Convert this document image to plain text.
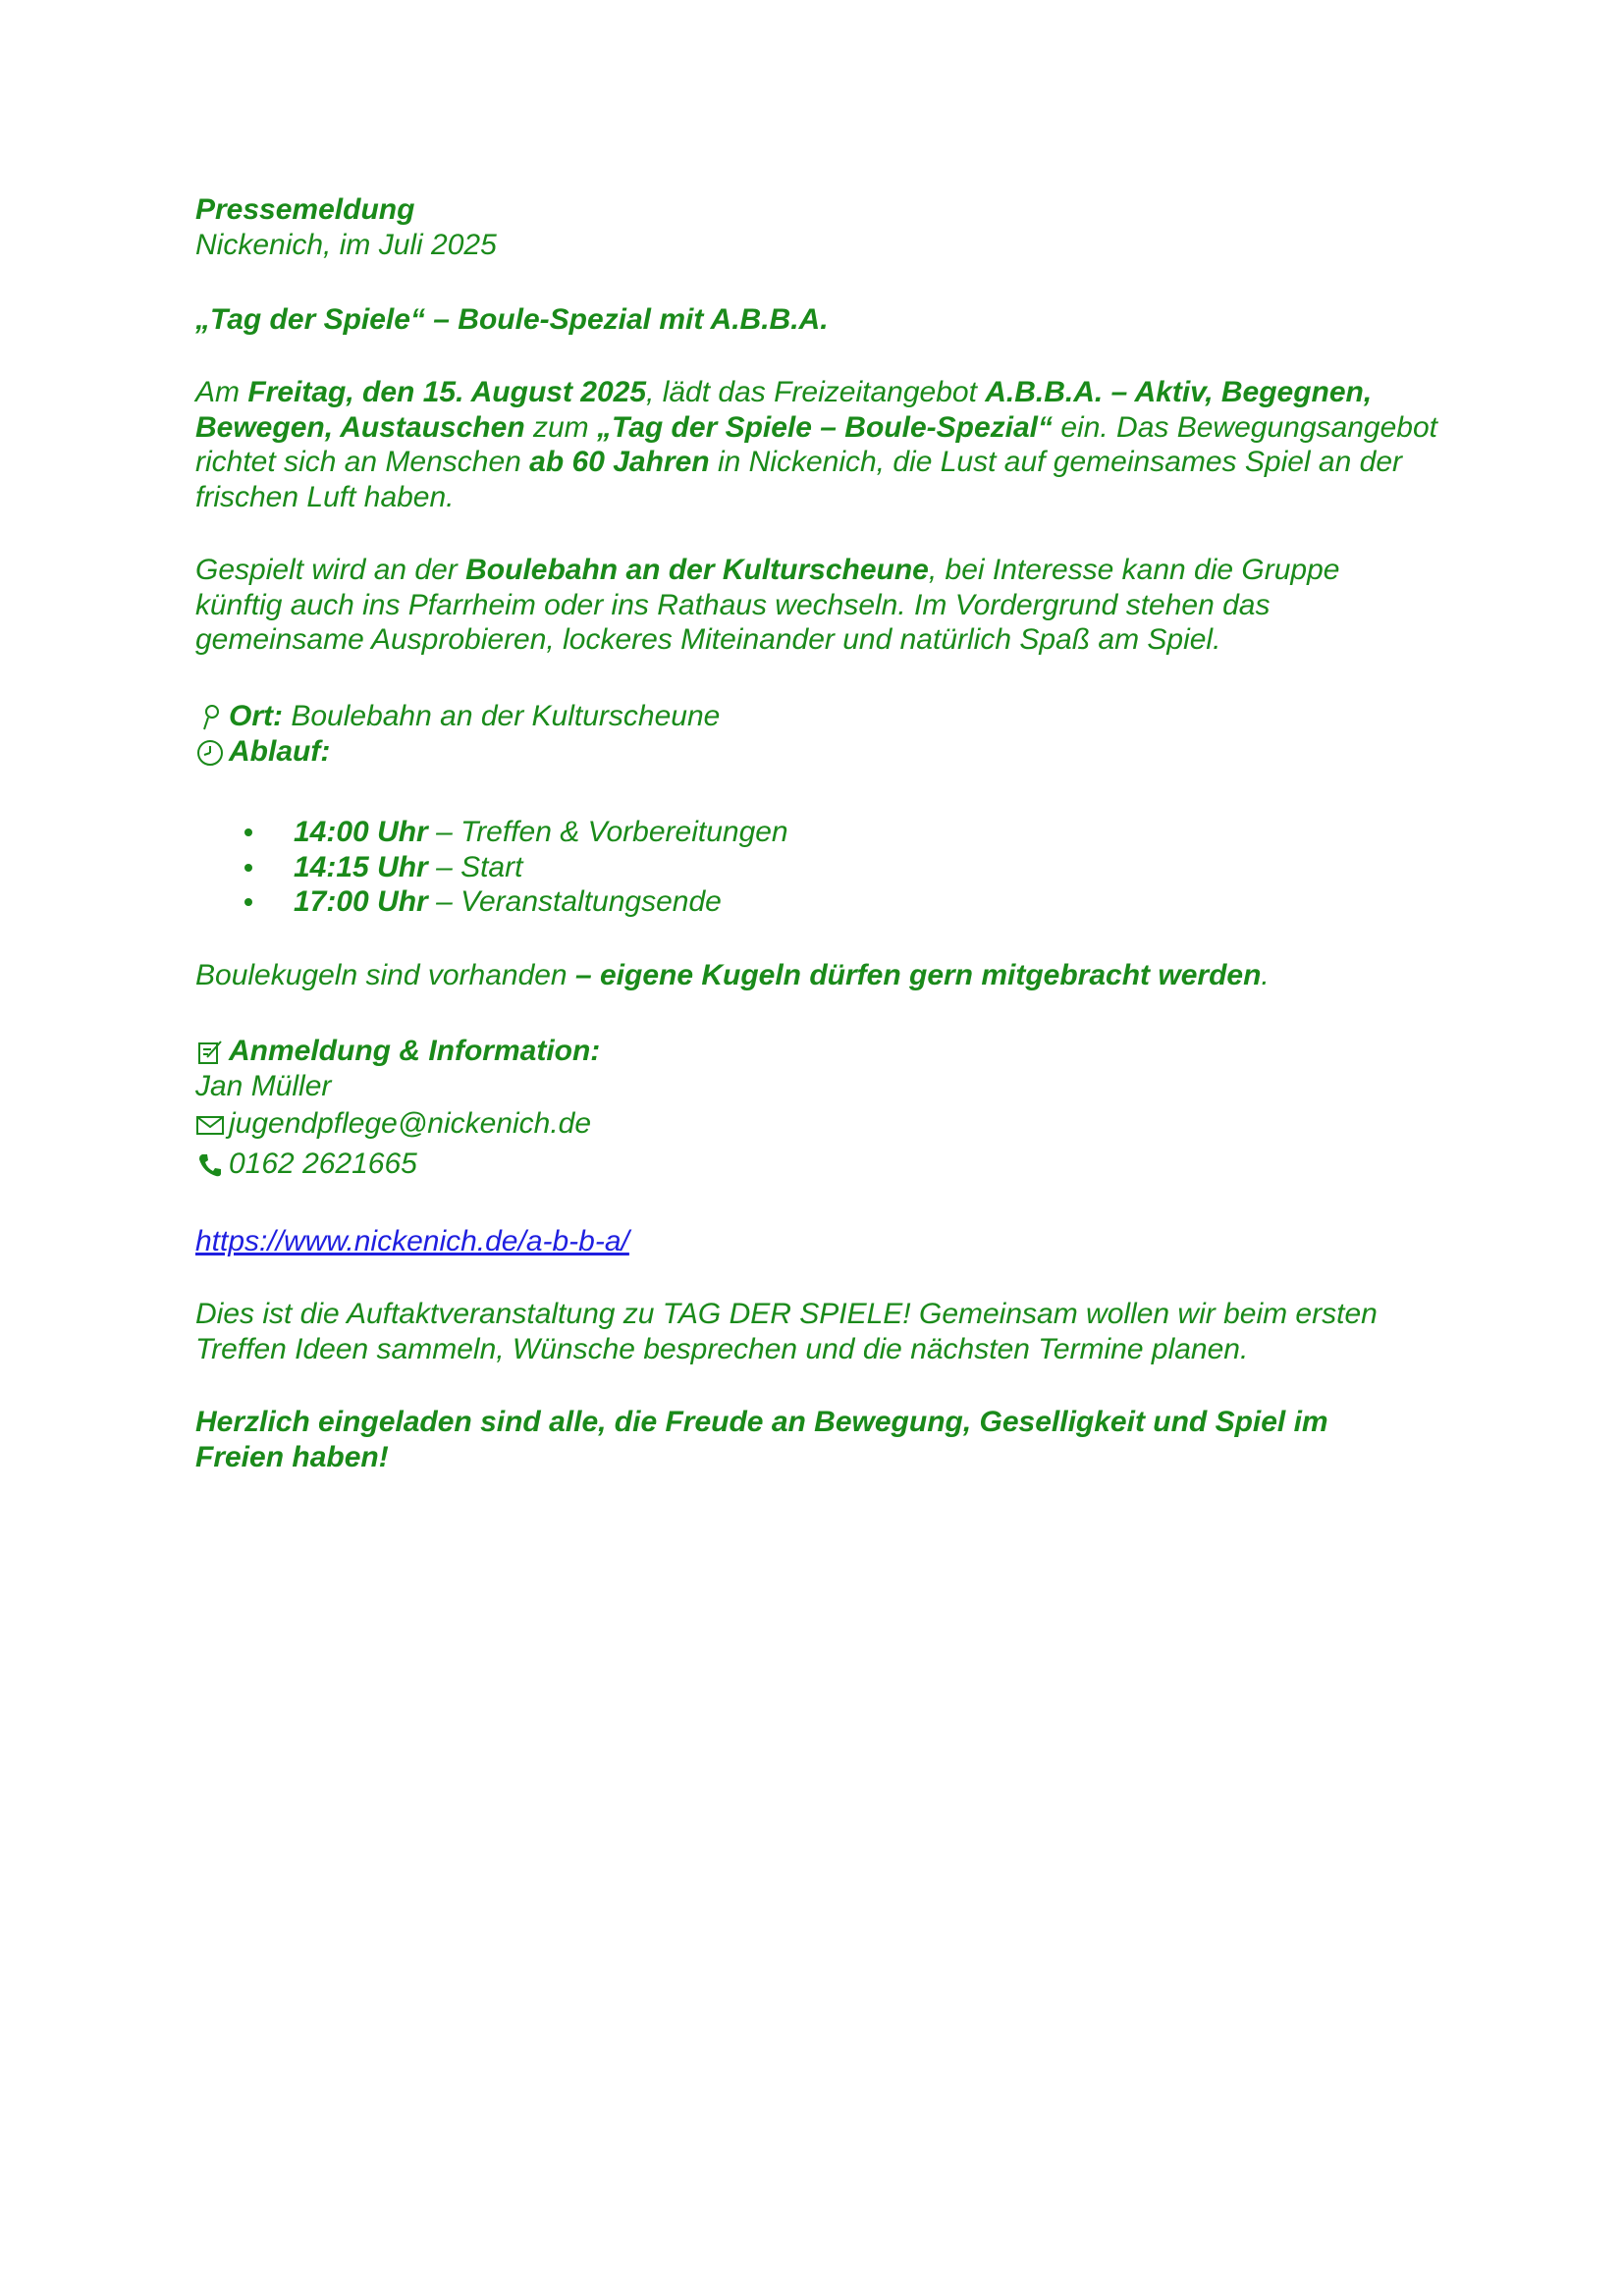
Pressemeldung
Nickenich, im Juli 2025

„Tag der Spiele“ – Boule-Spezial mit A.B.B.A.

Am Freitag, den 15. August 2025, lädt das Freizeitangebot A.B.B.A. – Aktiv, Begegnen, Bewegen, Austauschen zum „Tag der Spiele – Boule-Spezial“ ein. Das Bewegungsangebot richtet sich an Menschen ab 60 Jahren in Nickenich, die Lust auf gemeinsames Spiel an der frischen Luft haben.

Gespielt wird an der Boulebahn an der Kulturscheune, bei Interesse kann die Gruppe künftig auch ins Pfarrheim oder ins Rathaus wechseln. Im Vordergrund stehen das gemeinsame Ausprobieren, lockeres Miteinander und natürlich Spaß am Spiel.

Ort: Boulebahn an der Kulturscheune

Ablauf:

14:00 Uhr – Treffen & Vorbereitungen
14:15 Uhr – Start
17:00 Uhr – Veranstaltungsende

Boulekugeln sind vorhanden – eigene Kugeln dürfen gern mitgebracht werden.

Anmeldung & Information:
Jan Müller
jugendpflege@nickenich.de
0162 2621665

https://www.nickenich.de/a-b-b-a/

Dies ist die Auftaktveranstaltung zu TAG DER SPIELE! Gemeinsam wollen wir beim ersten Treffen Ideen sammeln, Wünsche besprechen und die nächsten Termine planen.

Herzlich eingeladen sind alle, die Freude an Bewegung, Geselligkeit und Spiel im Freien haben!
